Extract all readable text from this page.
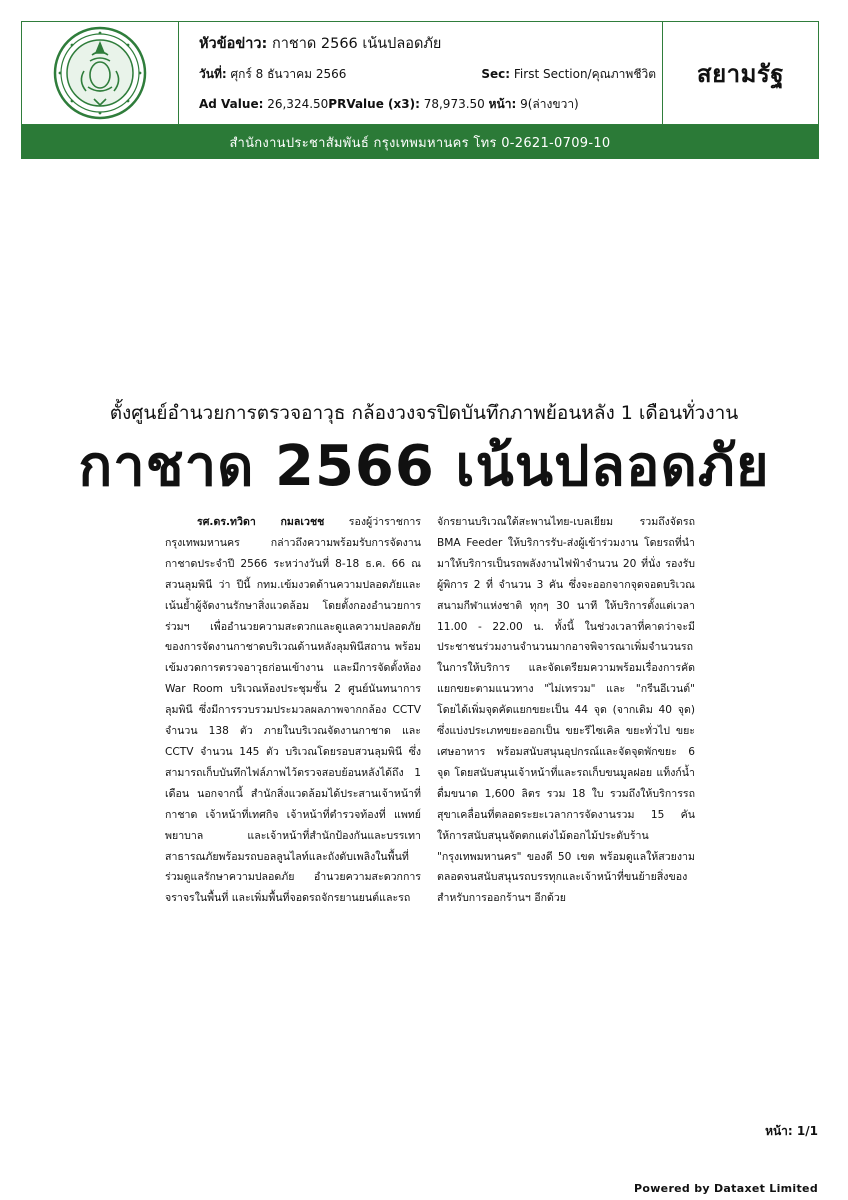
หัวข้อข่าว:
กาชาด 2566 เน้นปลอดภัย
วันที่:
ศุกร์ 8 ธันวาคม 2566	Sec: First Section/คุณภาพชีวิต
Ad Value:
26,324.50 PRValue (x3):
78,973.50
หน้า:
9(ล่างขวา)
สยามรัฐ
สำนักงานประชาสัมพันธ์ กรุงเทพมหานคร โทร 0-2621-0709-10
ตั้งศูนย์อำนวยการตรวจอาวุธ กล้องวงจรปิดบันทึกภาพย้อนหลัง 1 เดือนทั่วงาน
กาชาด 2566 เน้นปลอดภัย

รศ.ดร.ทวิดา กมลเวชช รองผู้ว่าราชการกรุงเทพมหานคร กล่าวถึงความพร้อมรับการจัดงานกาชาดประจำปี 2566 ระหว่างวันที่ 8-18 ธ.ค. 66 ณ สวนลุมพินี ว่า ปีนี้ กทม.เข้มงวดด้านความปลอดภัยและเน้นย้ำผู้จัดงานรักษาสิ่งแวดล้อม โดยตั้งกองอำนวยการร่วมฯ เพื่ออำนวยความสะดวกและดูแลความปลอดภัยของการจัดงานกาชาดบริเวณด้านหลังลุมพินีสถาน พร้อมเข้มงวดการตรวจอาวุธก่อนเข้างาน และมีการจัดตั้งห้อง War Room บริเวณห้องประชุมชั้น 2 ศูนย์นันทนาการลุมพินี ซึ่งมีการรวบรวมประมวลผลภาพจากกล้อง CCTV จำนวน 138 ตัว ภายในบริเวณจัดงานกาชาด และ CCTV จำนวน 145 ตัว บริเวณโดยรอบสวนลุมพินี ซึ่งสามารถเก็บบันทึกไฟล์ภาพไว้ตรวจสอบย้อนหลังได้ถึง 1 เดือน นอกจากนี้ สำนักสิ่งแวดล้อมได้ประสานเจ้าหน้าที่กาชาด เจ้าหน้าที่เทศกิจ เจ้าหน้าที่ตำรวจท้องที่ แพทย์ พยาบาล และเจ้าหน้าที่สำนักป้องกันและบรรเทาสาธารณภัยพร้อมรถบอลลูนไลท์และถังดับเพลิงในพื้นที่ ร่วมดูแลรักษาความปลอดภัย อำนวยความสะดวกการจราจรในพื้นที่ และเพิ่มพื้นที่จอดรถจักรยานยนต์และรถ

จักรยานบริเวณใต้สะพานไทย-เบลเยียม รวมถึงจัดรถ BMA Feeder ให้บริการรับ-ส่งผู้เข้าร่วมงาน โดยรถที่นำมาให้บริการเป็นรถพลังงานไฟฟ้าจำนวน 20 ที่นั่ง รองรับผู้พิการ 2 ที่ จำนวน 3 คัน ซึ่งจะออกจากจุดจอดบริเวณสนามกีฬาแห่งชาติ ทุกๆ 30 นาที ให้บริการตั้งแต่เวลา 11.00 - 22.00 น. ทั้งนี้ ในช่วงเวลาที่คาดว่าจะมีประชาชนร่วมงานจำนวนมากอาจพิจารณาเพิ่มจำนวนรถในการให้บริการ และจัดเตรียมความพร้อมเรื่องการคัดแยกขยะตามแนวทาง "ไม่เทรวม" และ "กรีนอีเวนต์" โดยได้เพิ่มจุดคัดแยกขยะเป็น 44 จุด (จากเดิม 40 จุด) ซึ่งแบ่งประเภทขยะออกเป็น ขยะรีไซเคิล ขยะทั่วไป ขยะเศษอาหาร พร้อมสนับสนุนอุปกรณ์และจัดจุดพักขยะ 6 จุด โดยสนับสนุนเจ้าหน้าที่และรถเก็บขนมูลฝอย แท็งก์น้ำดื่มขนาด 1,600 ลิตร รวม 18 ใบ รวมถึงให้บริการรถสุขาเคลื่อนที่ตลอดระยะเวลาการจัดงานรวม 15 คัน ให้การสนับสนุนจัดตกแต่งไม้ดอกไม้ประดับร้าน "กรุงเทพมหานคร" ของดี 50 เขต พร้อมดูแลให้สวยงาม ตลอดจนสนับสนุนรถบรรทุกและเจ้าหน้าที่ขนย้ายสิ่งของสำหรับการออกร้านฯ อีกด้วย

หน้า: 1/1
Powered by Dataxet Limited
